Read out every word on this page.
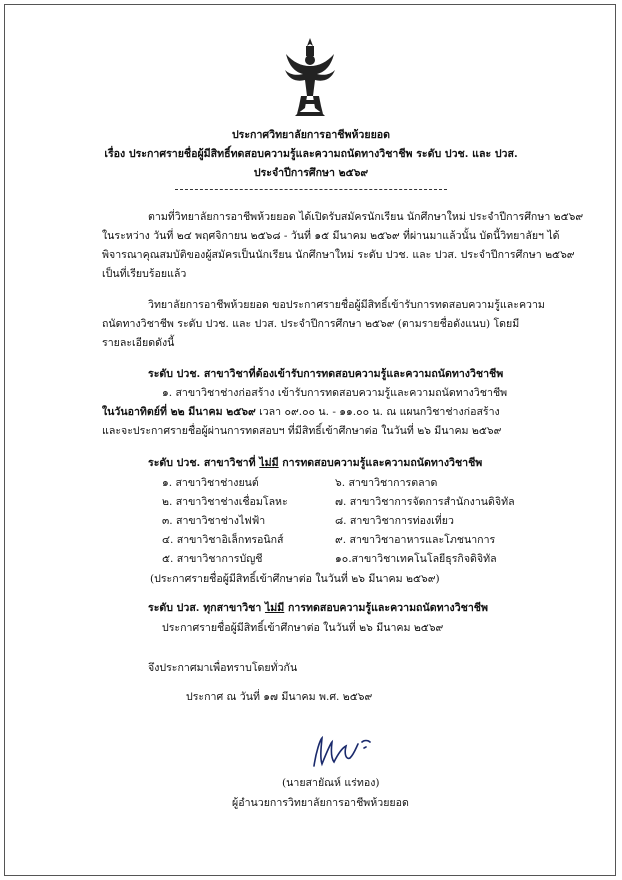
ประกาศวิทยาลัยการอาชีพห้วยยอด
เรื่อง ประกาศรายชื่อผู้มีสิทธิ์ทดสอบความรู้และความถนัดทางวิชาชีพ ระดับ ปวช. และ ปวส.
ประจำปีการศึกษา ๒๕๖๙
ตามที่วิทยาลัยการอาชีพห้วยยอด ได้เปิดรับสมัครนักเรียน นักศึกษาใหม่ ประจำปีการศึกษา ๒๕๖๙
ในระหว่าง วันที่ ๒๔ พฤศจิกายน ๒๕๖๘ - วันที่ ๑๕ มีนาคม ๒๕๖๙ ที่ผ่านมาแล้วนั้น บัดนี้วิทยาลัยฯ ได้
พิจารณาคุณสมบัติของผู้สมัครเป็นนักเรียน นักศึกษาใหม่ ระดับ ปวช. และ ปวส. ประจำปีการศึกษา ๒๕๖๙
เป็นที่เรียบร้อยแล้ว
วิทยาลัยการอาชีพห้วยยอด ขอประกาศรายชื่อผู้มีสิทธิ์เข้ารับการทดสอบความรู้และความ
ถนัดทางวิชาชีพ ระดับ ปวช. และ ปวส. ประจำปีการศึกษา ๒๕๖๙ (ตามรายชื่อดังแนบ) โดยมี
รายละเอียดดังนี้
ระดับ ปวช. สาขาวิชาที่ต้องเข้ารับการทดสอบความรู้และความถนัดทางวิชาชีพ
๑. สาขาวิชาช่างก่อสร้าง เข้ารับการทดสอบความรู้และความถนัดทางวิชาชีพ
ในวันอาทิตย์ที่ ๒๒ มีนาคม ๒๕๖๙ เวลา ๐๙.๐๐ น. - ๑๑.๐๐ น. ณ แผนกวิชาช่างก่อสร้าง
และจะประกาศรายชื่อผู้ผ่านการทดสอบฯ ที่มีสิทธิ์เข้าศึกษาต่อ ในวันที่ ๒๖ มีนาคม ๒๕๖๙
ระดับ ปวช. สาขาวิชาที่ ไม่มี การทดสอบความรู้และความถนัดทางวิชาชีพ
๑. สาขาวิชาช่างยนต์
๒. สาขาวิชาช่างเชื่อมโลหะ
๓. สาขาวิชาช่างไฟฟ้า
๔. สาขาวิชาอิเล็กทรอนิกส์
๕. สาขาวิชาการบัญชี
๖. สาขาวิชาการตลาด
๗. สาขาวิชาการจัดการสำนักงานดิจิทัล
๘. สาขาวิชาการท่องเที่ยว
๙. สาขาวิชาอาหารและโภชนาการ
๑๐.สาขาวิชาเทคโนโลยีธุรกิจดิจิทัล
(ประกาศรายชื่อผู้มีสิทธิ์เข้าศึกษาต่อ ในวันที่ ๒๖ มีนาคม ๒๕๖๙)
ระดับ ปวส. ทุกสาขาวิชา ไม่มี การทดสอบความรู้และความถนัดทางวิชาชีพ
ประกาศรายชื่อผู้มีสิทธิ์เข้าศึกษาต่อ ในวันที่ ๒๖ มีนาคม ๒๕๖๙
จึงประกาศมาเพื่อทราบโดยทั่วกัน
ประกาศ ณ วันที่ ๑๗ มีนาคม พ.ศ. ๒๕๖๙
(นายสายัณห์ แร่ทอง)
ผู้อำนวยการวิทยาลัยการอาชีพห้วยยอด
